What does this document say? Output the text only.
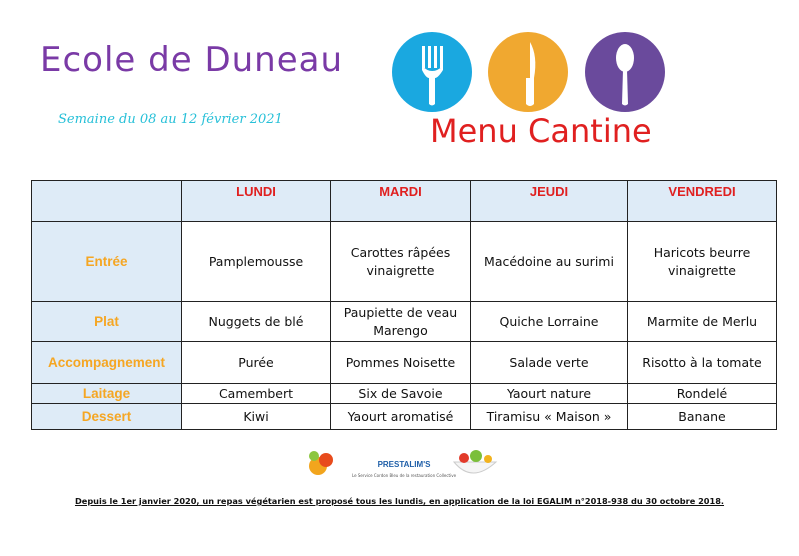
Ecole de Duneau
Semaine du 08 au 12 février 2021	Menu Cantine
	LUNDI	MARDI	JEUDI	VENDREDI
Entrée	Pamplemousse	Carottes râpées vinaigrette	Macédoine au surimi	Haricots beurre vinaigrette
Plat	Nuggets de blé	Paupiette de veau Marengo	Quiche Lorraine	Marmite de Merlu
Accompagnement	Purée	Pommes Noisette	Salade verte	Risotto à la tomate
Laitage	Camembert	Six de Savoie	Yaourt nature	Rondelé
Dessert	Kiwi	Yaourt aromatisé	Tiramisu « Maison »	Banane
PRESTALIM'S
Le Service Cordon Bleu de la restauration Collective
Depuis le 1er janvier 2020, un repas végétarien est proposé tous les lundis, en application de la loi EGALIM n°2018-938 du 30 octobre 2018.
